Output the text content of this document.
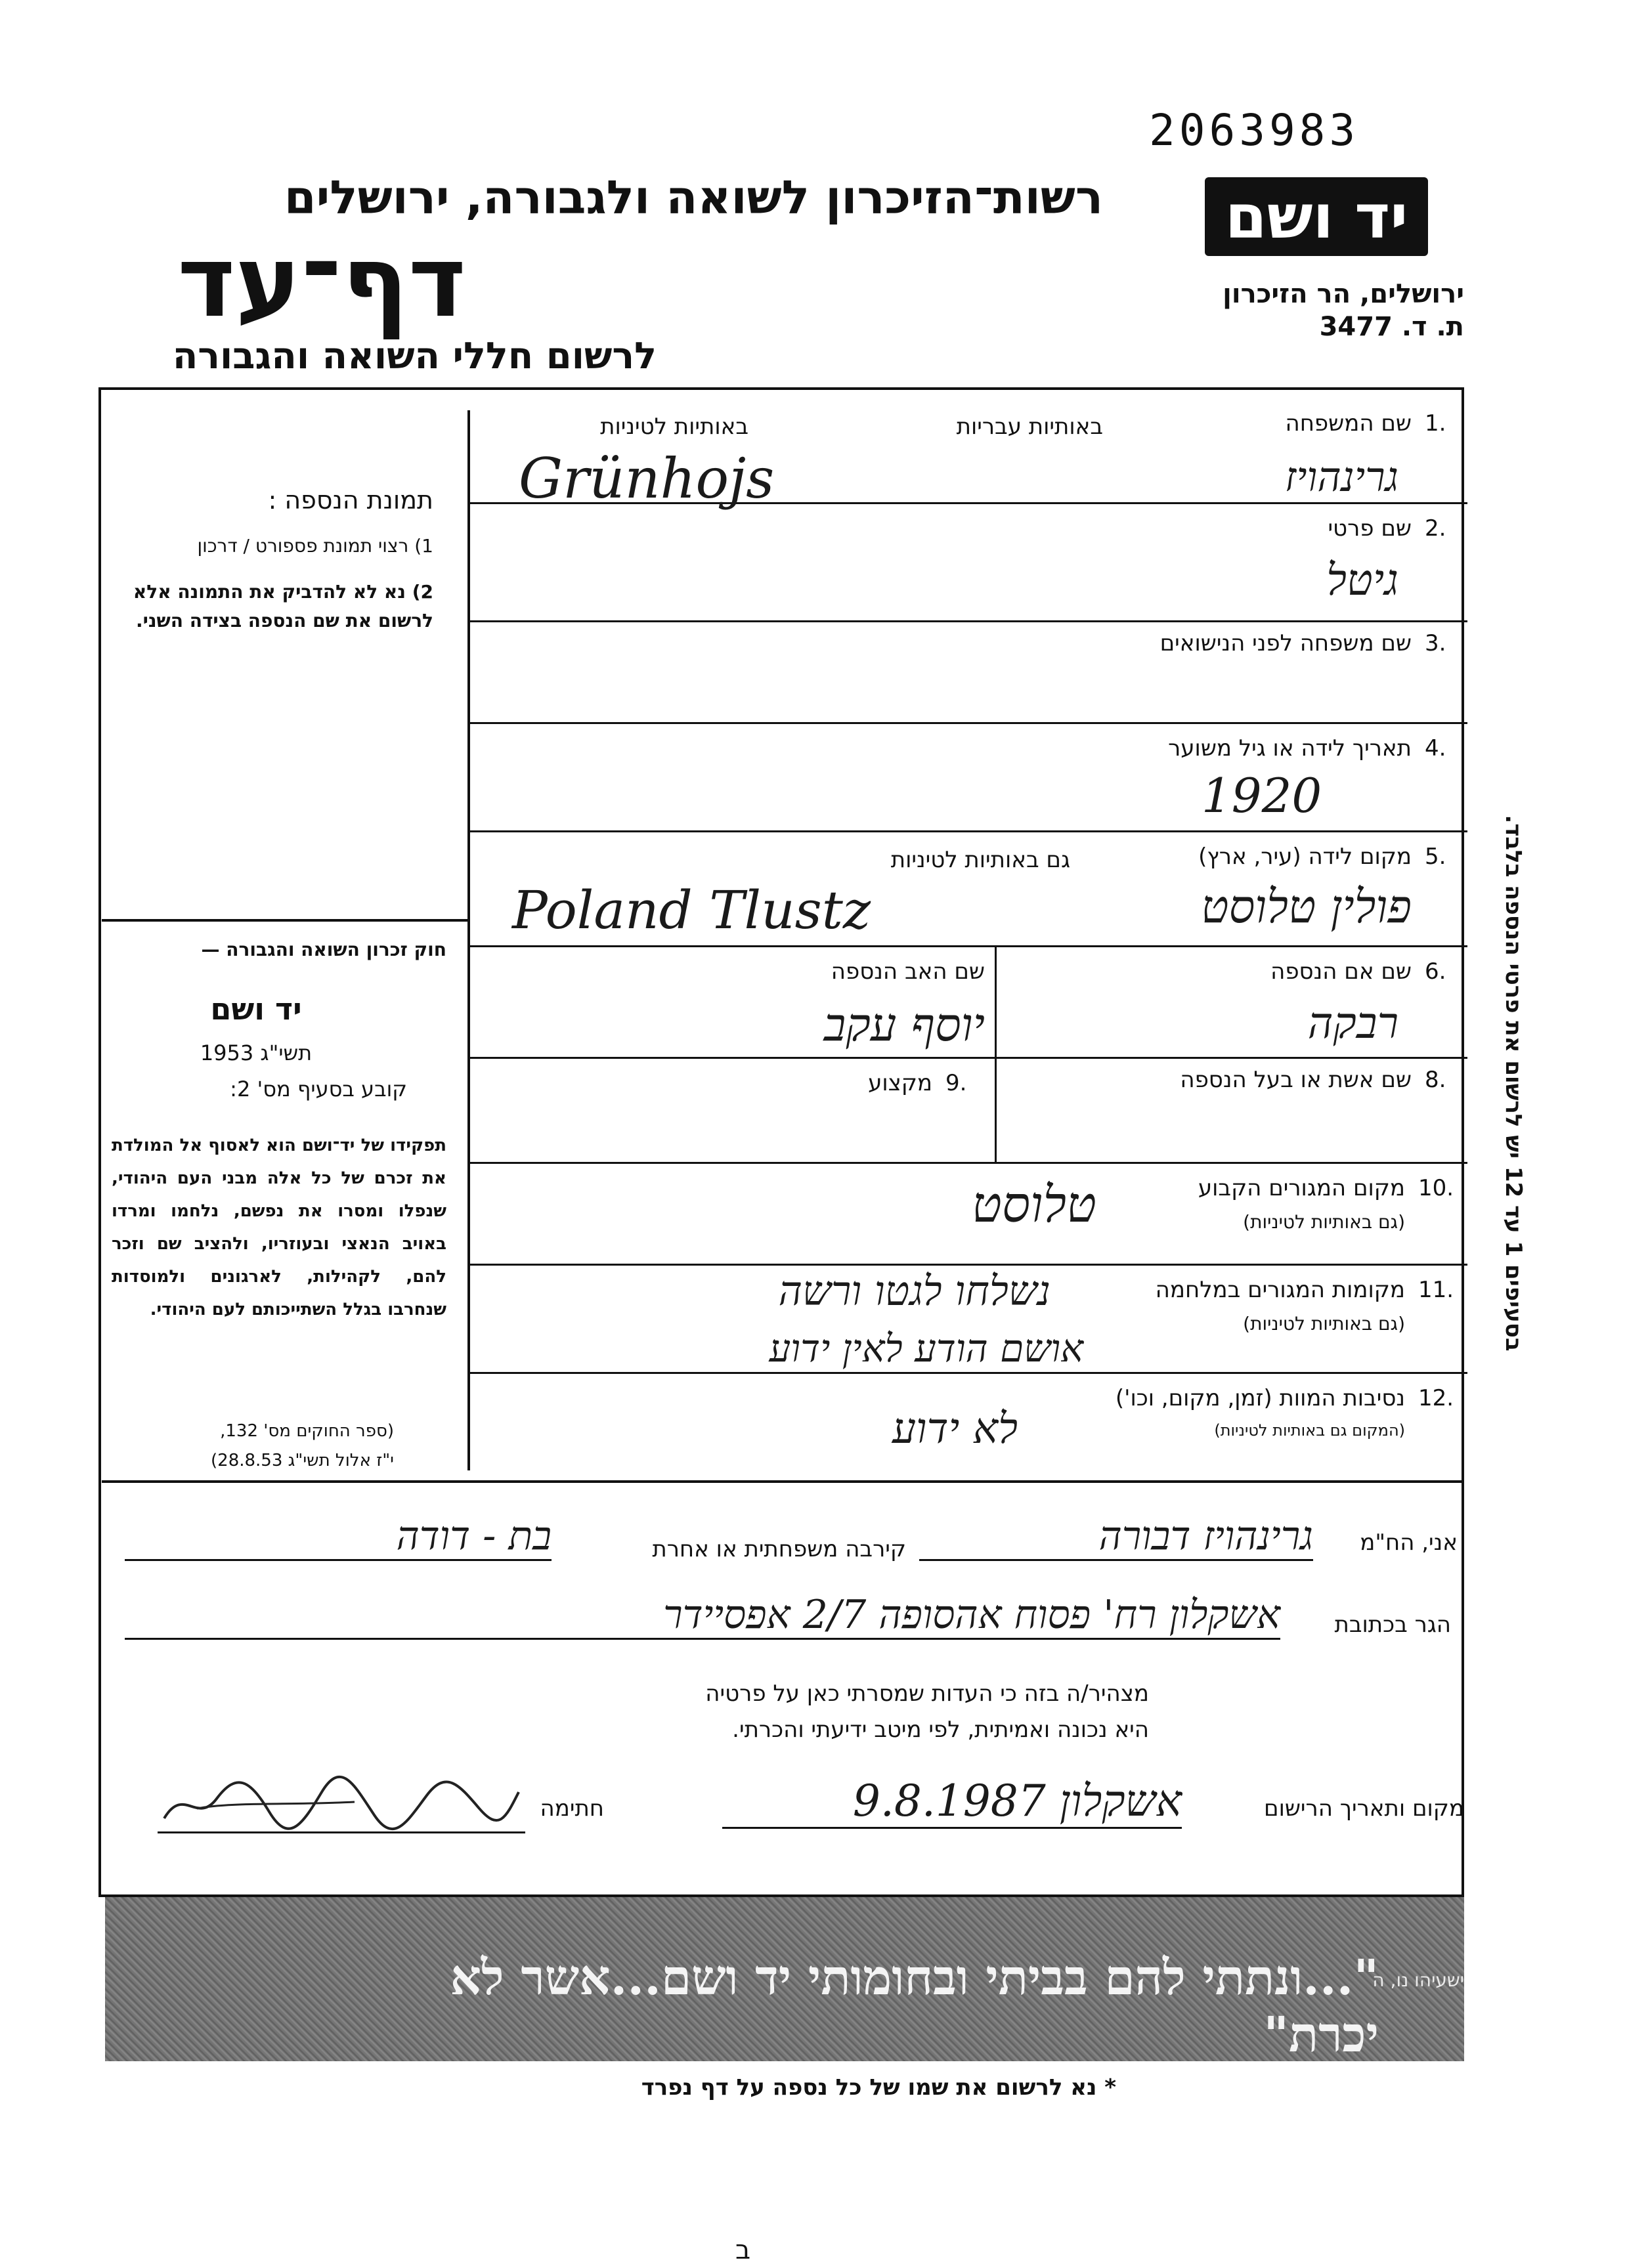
2063983
רשות־הזיכרון לשואה ולגבורה, ירושלים
דף־עד
לרשום חללי השואה והגבורה
יד ושם
ירושלים, הר הזיכרון
ת. ד. 3477
תמונת הנספה :
1) רצוי תמונת פספורט / דרכון
2) נא לא להדביק את התמונה אלא לרשום את שם הנספה בצידה השני.
חוק זכרון השואה והגבורה —
יד ושם
תשי"ג 1953
קובע בסעיף מס' 2:
תפקידו של יד־ושם הוא לאסוף אל המולדת את זכרם של כל אלה מבני העם היהודי, שנפלו ומסרו את נפשם, נלחמו ומרדו באויב הנאצי ובעוזריו, ולהציב שם וזכר להם, לקהילות, לארגונים ולמוסדות שנחרבו בגלל השתייכותם לעם היהודי.
(ספר החוקים מס' 132,
י"ז אלול תשי"ג 28.8.53)
1.
שם המשפחה
באותיות עבריות
באותיות לטיניות
גרינהויז
Grünhojs
2.
שם פרטי
גיטל
3.
שם משפחה לפני הנישואים
4.
תאריך לידה או גיל משוער
1920
5.
מקום לידה (עיר, ארץ)
גם באותיות לטיניות
פולין טלוסט
Poland Tlustz
6.
שם אם הנספה
רבקה
שם האב הנספה
יוסף עקב
8.
שם אשת או בעל הנספה
9.
מקצוע
10.
מקום המגורים הקבוע
(גם באותיות לטיניות)
טלוסט
11.
מקומות המגורים במלחמה
(גם באותיות לטיניות)
נשלחו לגטו ורשה
אושם הודע לאין ידוע
12.
נסיבות המוות (זמן, מקום, וכו')
(המקום גם באותיות לטיניות)
לא ידוע
בסעיפים 1 עד 12 יש לרשום את פרטי הנספה בלבד.
אני, הח"מ
גרינהויז דבורה
קירבה משפחתית או אחרת
בת - דודה
הגר בכתובת
אשקלון רח' פסוח אהסופה 2/7 אפסיידר
מצהיר/ה בזה כי העדות שמסרתי כאן על פרטיה
היא נכונה ואמיתית, לפי מיטב ידיעתי והכרתי.
מקום ותאריך הרישום
אשקלון 9.8.1987
חתימה
"...ונתתי להם בביתי ובחומותי יד ושם...אשר לא יכרת"
ישעיהו נו, ה
* נא לרשום את שמו של כל נספה על דף נפרד
ב
